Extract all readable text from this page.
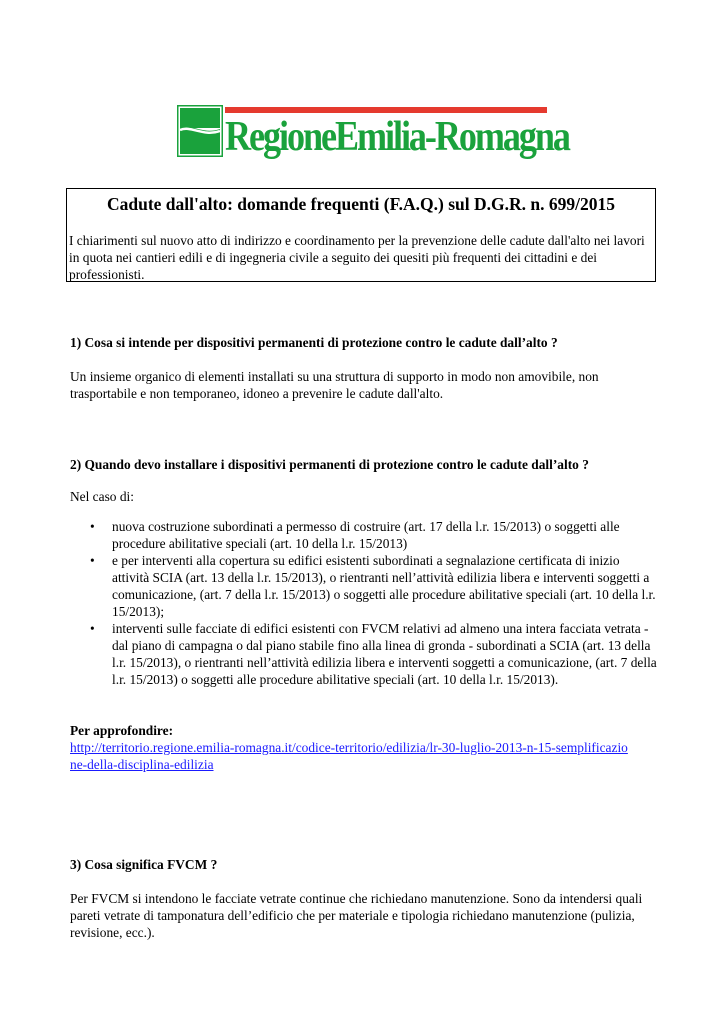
RegioneEmilia-Romagna
Cadute dall'alto: domande frequenti (F.A.Q.) sul D.G.R. n. 699/2015

I chiarimenti sul nuovo atto di indirizzo e coordinamento per la prevenzione delle cadute dall'alto nei lavori in quota nei cantieri edili e di ingegneria civile a seguito dei quesiti più frequenti dei cittadini e dei professionisti.

1) Cosa si intende per dispositivi permanenti di protezione contro le cadute dall’alto ?

Un insieme organico di elementi installati su una struttura di supporto in modo non amovibile, non trasportabile e non temporaneo, idoneo a prevenire le cadute dall'alto.

2) Quando devo installare i dispositivi permanenti di protezione contro le cadute dall’alto ?

Nel caso di:

• nuova costruzione subordinati a permesso di costruire (art. 17 della l.r. 15/2013) o soggetti alle procedure abilitative speciali (art. 10 della l.r. 15/2013)
• e per interventi alla copertura su edifici esistenti subordinati a segnalazione certificata di inizio attività SCIA (art. 13 della l.r. 15/2013), o rientranti nell’attività edilizia libera e interventi soggetti a comunicazione, (art. 7 della l.r. 15/2013) o soggetti alle procedure abilitative speciali (art. 10 della l.r. 15/2013);
• interventi sulle facciate di edifici esistenti con FVCM relativi ad almeno una intera facciata vetrata - dal piano di campagna o dal piano stabile fino alla linea di gronda - subordinati a SCIA (art. 13 della l.r. 15/2013), o rientranti nell’attività edilizia libera e interventi soggetti a comunicazione, (art. 7 della l.r. 15/2013) o soggetti alle procedure abilitative speciali (art. 10 della l.r. 15/2013).

Per approfondire:

http://territorio.regione.emilia-romagna.it/codice-territorio/edilizia/lr-30-luglio-2013-n-15-semplificazione-della-disciplina-edilizia

3) Cosa significa FVCM ?

Per FVCM si intendono le facciate vetrate continue che richiedano manutenzione. Sono da intendersi quali pareti vetrate di tamponatura dell’edificio che per materiale e tipologia richiedano manutenzione (pulizia, revisione, ecc.).
